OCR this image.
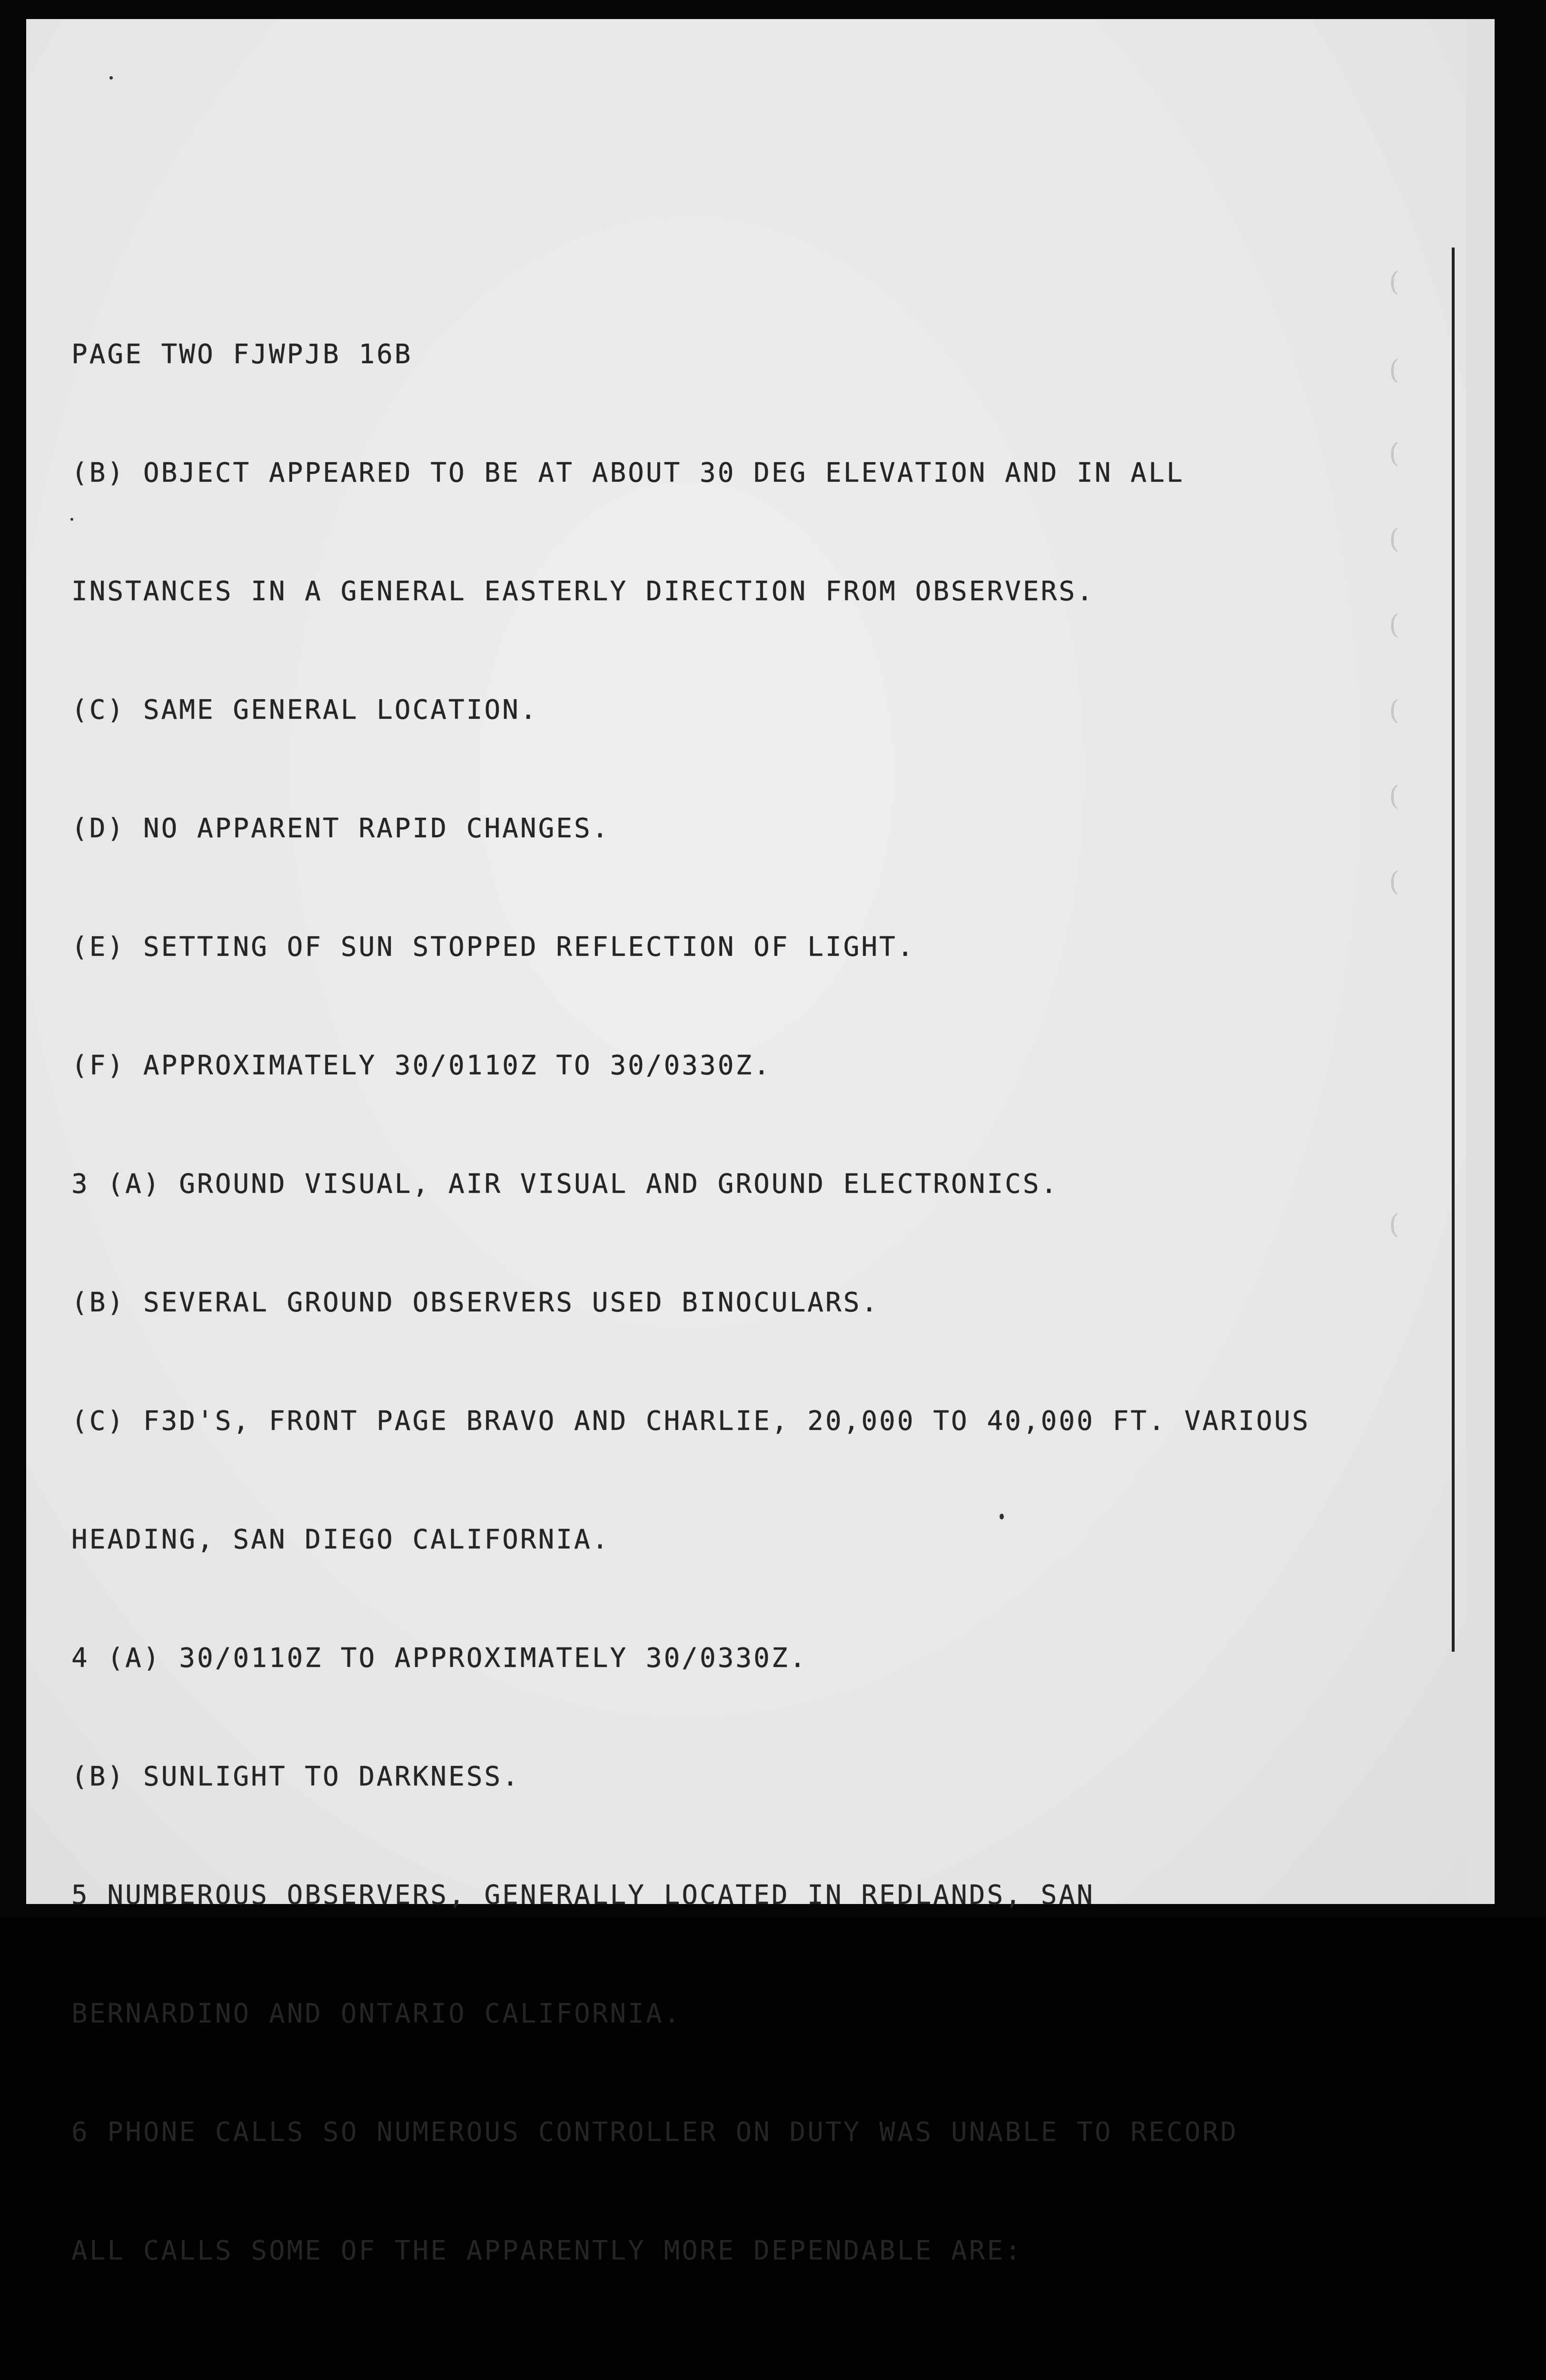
(
(
(
(
(
(
(
(
(

PAGE TWO FJWPJB 16B

(B) OBJECT APPEARED TO BE AT ABOUT 30 DEG ELEVATION AND IN ALL

INSTANCES IN A GENERAL EASTERLY DIRECTION FROM OBSERVERS.

(C) SAME GENERAL LOCATION.

(D) NO APPARENT RAPID CHANGES.

(E) SETTING OF SUN STOPPED REFLECTION OF LIGHT.

(F) APPROXIMATELY 30/0110Z TO 30/0330Z.

3 (A) GROUND VISUAL, AIR VISUAL AND GROUND ELECTRONICS.

(B) SEVERAL GROUND OBSERVERS USED BINOCULARS.

(C) F3D'S, FRONT PAGE BRAVO AND CHARLIE, 20,000 TO 40,000 FT. VARIOUS

HEADING, SAN DIEGO CALIFORNIA.

4 (A) 30/0110Z TO APPROXIMATELY 30/0330Z.

(B) SUNLIGHT TO DARKNESS.

5 NUMBEROUS OBSERVERS, GENERALLY LOCATED IN REDLANDS, SAN

BERNARDINO AND ONTARIO CALIFORNIA.

6 PHONE CALLS SO NUMEROUS CONTROLLER ON DUTY WAS UNABLE TO RECORD

ALL CALLS SOME OF THE APPARENTLY MORE DEPENDABLE ARE:
